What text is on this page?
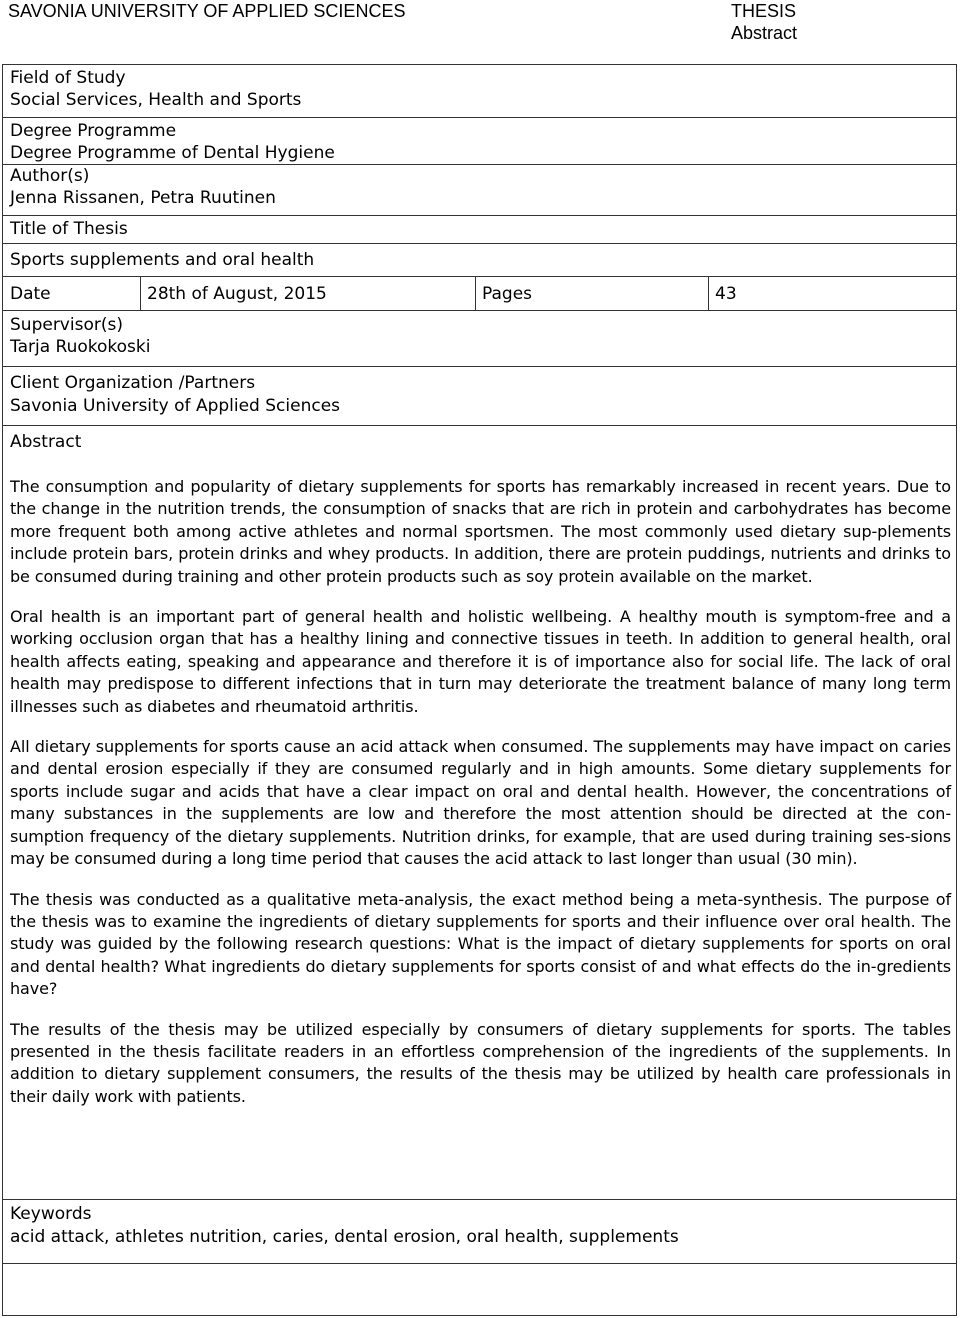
SAVONIA UNIVERSITY OF APPLIED SCIENCES	THESIS
Abstract
Field of Study
Social Services, Health and Sports
Degree Programme
Degree Programme of Dental Hygiene
Author(s)
Jenna Rissanen, Petra Ruutinen
Title of Thesis
Sports supplements and oral health
Date	28th of August, 2015	Pages	43
Supervisor(s)
Tarja Ruokokoski
Client Organization /Partners
Savonia University of Applied Sciences
Abstract

The consumption and popularity of dietary supplements for sports has remarkably increased in recent years. Due to the change in the nutrition trends, the consumption of snacks that are rich in protein and carbohydrates has become more frequent both among active athletes and normal sportsmen. The most commonly used dietary sup-plements include protein bars, protein drinks and whey products. In addition, there are protein puddings, nutrients and drinks to be consumed during training and other protein products such as soy protein available on the market.

Oral health is an important part of general health and holistic wellbeing. A healthy mouth is symptom-free and a working occlusion organ that has a healthy lining and connective tissues in teeth. In addition to general health, oral health affects eating, speaking and appearance and therefore it is of importance also for social life. The lack of oral health may predispose to different infections that in turn may deteriorate the treatment balance of many long term illnesses such as diabetes and rheumatoid arthritis.

All dietary supplements for sports cause an acid attack when consumed. The supplements may have impact on caries and dental erosion especially if they are consumed regularly and in high amounts. Some dietary supplements for sports include sugar and acids that have a clear impact on oral and dental health. However, the concentrations of many substances in the supplements are low and therefore the most attention should be directed at the con-sumption frequency of the dietary supplements. Nutrition drinks, for example, that are used during training ses-sions may be consumed during a long time period that causes the acid attack to last longer than usual (30 min).

The thesis was conducted as a qualitative meta-analysis, the exact method being a meta-synthesis. The purpose of the thesis was to examine the ingredients of dietary supplements for sports and their influence over oral health. The study was guided by the following research questions: What is the impact of dietary supplements for sports on oral and dental health? What ingredients do dietary supplements for sports consist of and what effects do the in-gredients have?

The results of the thesis may be utilized especially by consumers of dietary supplements for sports. The tables presented in the thesis facilitate readers in an effortless comprehension of the ingredients of the supplements. In addition to dietary supplement consumers, the results of the thesis may be utilized by health care professionals in their daily work with patients.

Keywords
acid attack, athletes nutrition, caries, dental erosion, oral health, supplements
